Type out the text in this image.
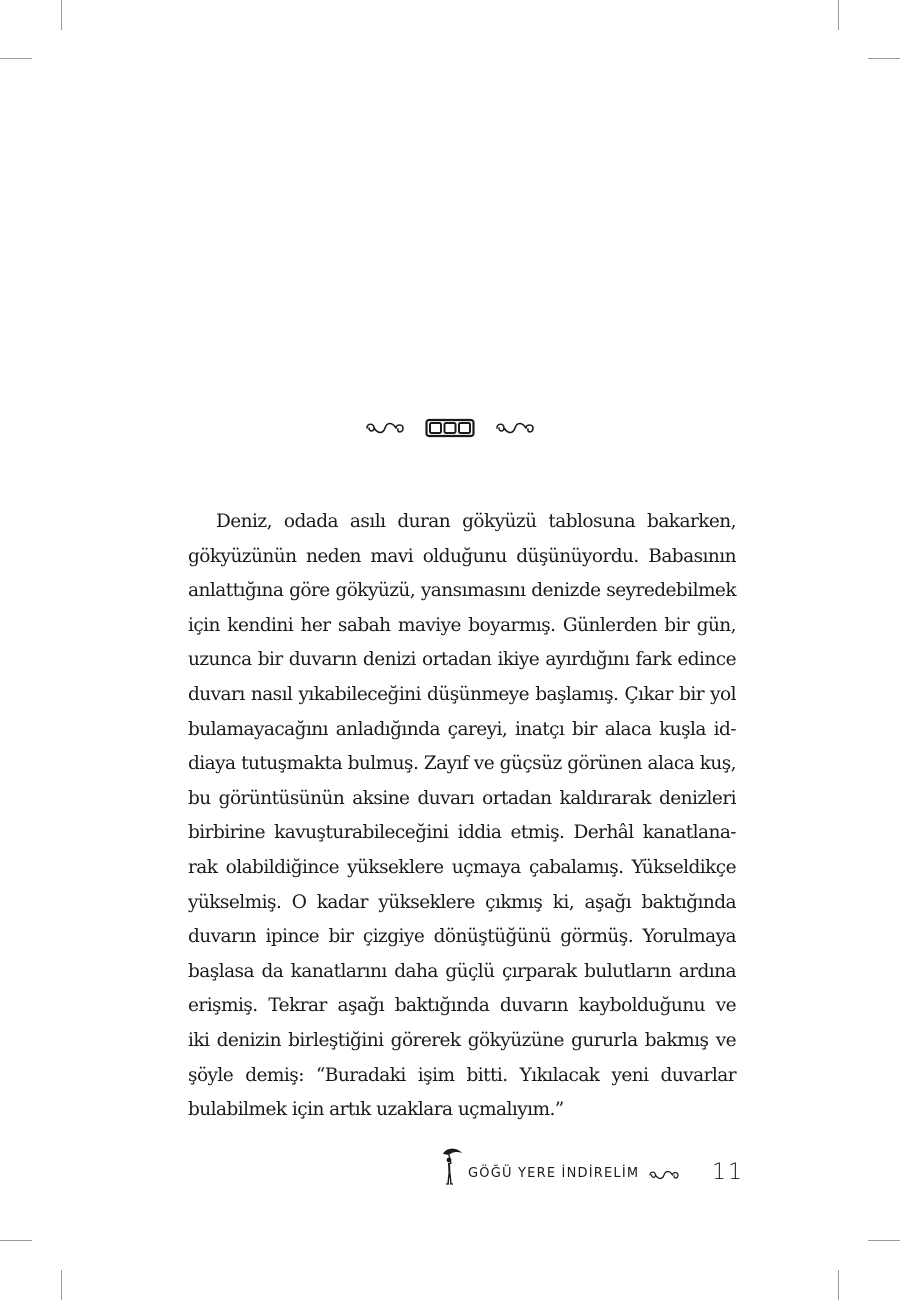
Deniz, odada asılı duran gökyüzü tablosuna bakarken,
gökyüzünün neden mavi olduğunu düşünüyordu. Babasının
anlattığına göre gökyüzü, yansımasını denizde seyredebilmek
için kendini her sabah maviye boyarmış. Günlerden bir gün,
uzunca bir duvarın denizi ortadan ikiye ayırdığını fark edince
duvarı nasıl yıkabileceğini düşünmeye başlamış. Çıkar bir yol
bulamayacağını anladığında çareyi, inatçı bir alaca kuşla id-
diaya tutuşmakta bulmuş. Zayıf ve güçsüz görünen alaca kuş,
bu görüntüsünün aksine duvarı ortadan kaldırarak denizleri
birbirine kavuşturabileceğini iddia etmiş. Derhâl kanatlana-
rak olabildiğince yükseklere uçmaya çabalamış. Yükseldikçe
yükselmiş. O kadar yükseklere çıkmış ki, aşağı baktığında
duvarın ipince bir çizgiye dönüştüğünü görmüş. Yorulmaya
başlasa da kanatlarını daha güçlü çırparak bulutların ardına
erişmiş. Tekrar aşağı baktığında duvarın kaybolduğunu ve
iki denizin birleştiğini görerek gökyüzüne gururla bakmış ve
şöyle demiş: “Buradaki işim bitti. Yıkılacak yeni duvarlar
bulabilmek için artık uzaklara uçmalıyım.”
GÖĞÜ YERE İNDİRELİM	11
